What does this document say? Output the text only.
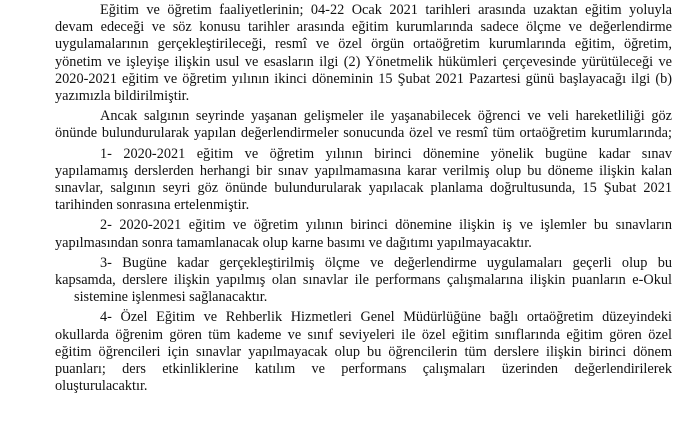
Eğitim ve öğretim faaliyetlerinin; 04-22 Ocak 2021 tarihleri arasında uzaktan eğitim yoluyla
devam edeceği ve söz konusu tarihler arasında eğitim kurumlarında sadece ölçme ve değerlendirme
uygulamalarının gerçekleştirileceği, resmî ve özel örgün ortaöğretim kurumlarında eğitim, öğretim,
yönetim ve işleyişe ilişkin usul ve esasların ilgi (2) Yönetmelik hükümleri çerçevesinde yürütüleceği ve
2020-2021 eğitim ve öğretim yılının ikinci döneminin 15 Şubat 2021 Pazartesi günü başlayacağı ilgi (b)
yazımızla bildirilmiştir.
Ancak salgının seyrinde yaşanan gelişmeler ile yaşanabilecek öğrenci ve veli hareketliliği göz
önünde bulundurularak yapılan değerlendirmeler sonucunda özel ve resmî tüm ortaöğretim kurumlarında;
1- 2020-2021 eğitim ve öğretim yılının birinci dönemine yönelik bugüne kadar sınav
yapılamamış derslerden herhangi bir sınav yapılmamasına karar verilmiş olup bu döneme ilişkin kalan
sınavlar, salgının seyri göz önünde bulundurularak yapılacak planlama doğrultusunda, 15 Şubat 2021
tarihinden sonrasına ertelenmiştir.
2- 2020-2021 eğitim ve öğretim yılının birinci dönemine ilişkin iş ve işlemler bu sınavların
yapılmasından sonra tamamlanacak olup karne basımı ve dağıtımı yapılmayacaktır.
3- Bugüne kadar gerçekleştirilmiş ölçme ve değerlendirme uygulamaları geçerli olup bu
kapsamda, derslere ilişkin yapılmış olan sınavlar ile performans çalışmalarına ilişkin puanların e-Okul
sistemine işlenmesi sağlanacaktır.
4- Özel Eğitim ve Rehberlik Hizmetleri Genel Müdürlüğüne bağlı ortaöğretim düzeyindeki
okullarda öğrenim gören tüm kademe ve sınıf seviyeleri ile özel eğitim sınıflarında eğitim gören özel
eğitim öğrencileri için sınavlar yapılmayacak olup bu öğrencilerin tüm derslere ilişkin birinci dönem
puanları; ders etkinliklerine katılım ve performans çalışmaları üzerinden değerlendirilerek
oluşturulacaktır.
